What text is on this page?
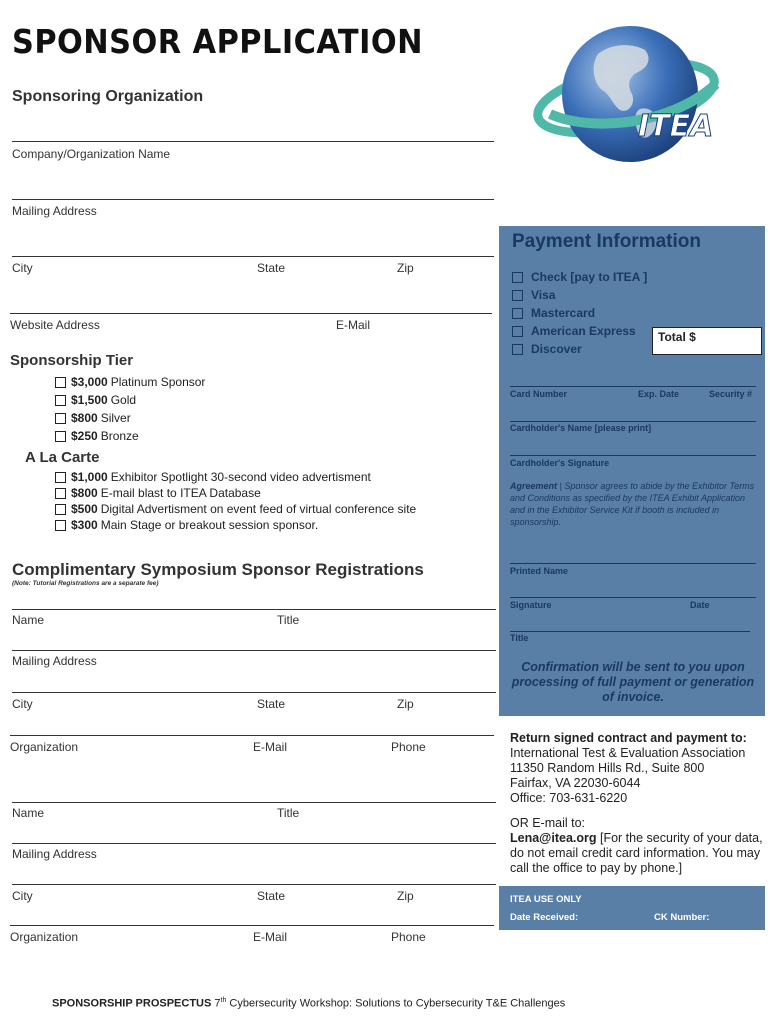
SPONSOR APPLICATION
ITEA
Sponsoring Organization
Company/Organization Name
Mailing Address
City	State	Zip
Website Address	E-Mail
Sponsorship Tier
$3,000 Platinum Sponsor
$1,500 Gold
$800 Silver
$250 Bronze
A La Carte
$1,000 Exhibitor Spotlight 30-second video advertisment
$800 E-mail blast to ITEA Database
$500 Digital Advertisment on event feed of virtual conference site
$300 Main Stage or breakout session sponsor.
Complimentary Symposium Sponsor Registrations
(Note: Tutorial Registrations are a separate fee)
Name	Title
Mailing Address
City	State	Zip
Organization	E-Mail	Phone
Name	Title
Mailing Address
City	State	Zip
Organization	E-Mail	Phone
Payment Information
Check [pay to ITEA ]
Visa
Mastercard
American Express
Discover
Total $
Card Number	Exp. Date	Security #
Cardholder's Name [please print]
Cardholder's Signature
Agreement | Sponsor agrees to abide by the Exhibitor Terms and Conditions as specified by the ITEA Exhibit Application and in the Exhibitor Service Kit if booth is included in sponsorship.
Printed Name
Signature	Date
Title
Confirmation will be sent to you upon processing of full payment or generation of invoice.
Return signed contract and payment to:
International Test & Evaluation Association
11350 Random Hills Rd., Suite 800
Fairfax, VA 22030-6044
Office: 703-631-6220
OR E-mail to:
Lena@itea.org [For the security of your data, do not email credit card information. You may call the office to pay by phone.]
ITEA USE ONLY
Date Received:	CK Number:
SPONSORSHIP PROSPECTUS 7th Cybersecurity Workshop: Solutions to Cybersecurity T&E Challenges
